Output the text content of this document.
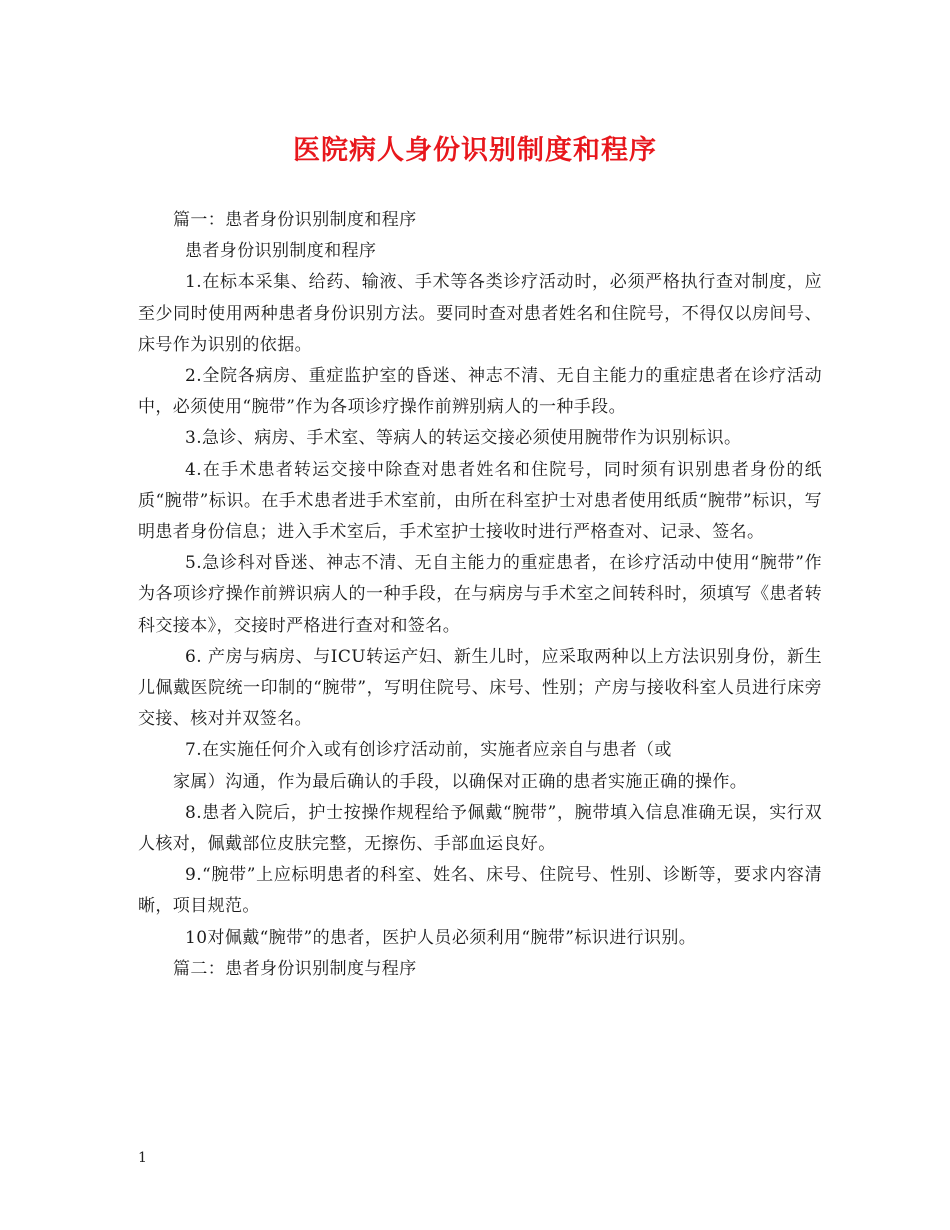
医院病人身份识别制度和程序

篇一：患者身份识别制度和程序

患者身份识别制度和程序

1.在标本采集、给药、输液、手术等各类诊疗活动时，必须严格执行查对制度，应至少同时使用两种患者身份识别方法。要同时查对患者姓名和住院号，不得仅以房间号、床号作为识别的依据。

2.全院各病房、重症监护室的昏迷、神志不清、无自主能力的重症患者在诊疗活动中，必须使用“腕带”作为各项诊疗操作前辨别病人的一种手段。

3.急诊、病房、手术室、等病人的转运交接必须使用腕带作为识别标识。

4.在手术患者转运交接中除查对患者姓名和住院号，同时须有识别患者身份的纸质“腕带”标识。在手术患者进手术室前，由所在科室护士对患者使用纸质“腕带”标识，写明患者身份信息；进入手术室后，手术室护士接收时进行严格查对、记录、签名。

5.急诊科对昏迷、神志不清、无自主能力的重症患者，在诊疗活动中使用“腕带”作为各项诊疗操作前辨识病人的一种手段，在与病房与手术室之间转科时，须填写《患者转科交接本》，交接时严格进行查对和签名。

6. 产房与病房、与ICU转运产妇、新生儿时，应采取两种以上方法识别身份，新生儿佩戴医院统一印制的“腕带”，写明住院号、床号、性别；产房与接收科室人员进行床旁交接、核对并双签名。

7.在实施任何介入或有创诊疗活动前，实施者应亲自与患者（或

家属）沟通，作为最后确认的手段，以确保对正确的患者实施正确的操作。

8.患者入院后，护士按操作规程给予佩戴“腕带”，腕带填入信息准确无误，实行双人核对，佩戴部位皮肤完整，无擦伤、手部血运良好。

9.“腕带”上应标明患者的科室、姓名、床号、住院号、性别、诊断等，要求内容清晰，项目规范。

10对佩戴“腕带”的患者，医护人员必须利用“腕带”标识进行识别。

篇二：患者身份识别制度与程序

1
